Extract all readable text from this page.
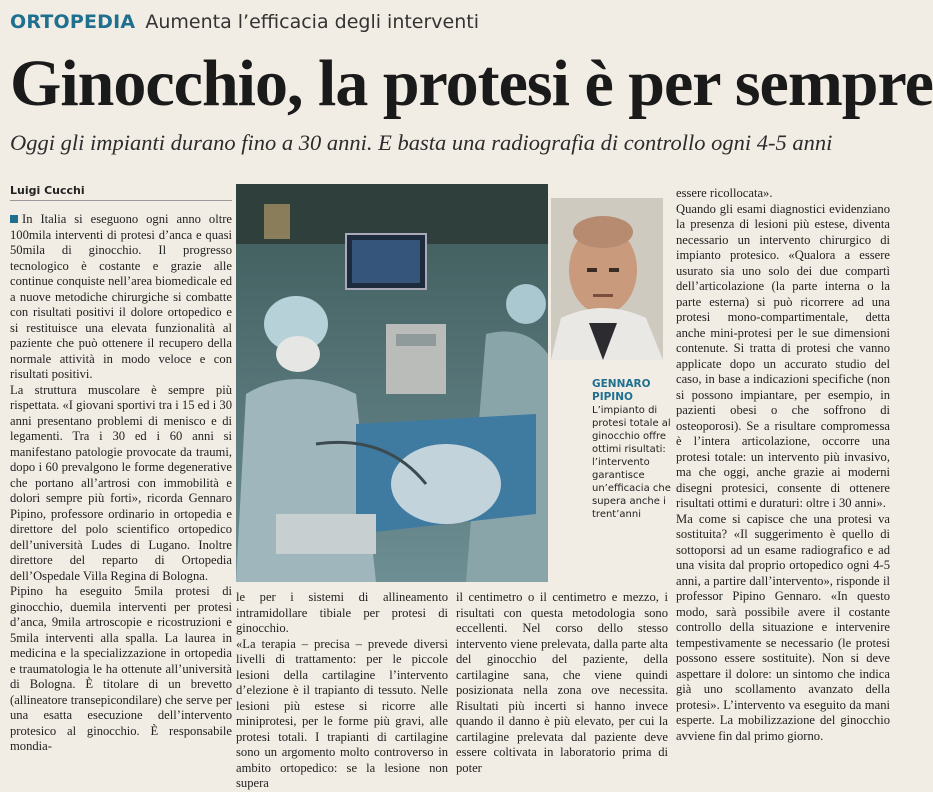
ORTOPEDIA Aumenta l’efficacia degli interventi
Ginocchio, la protesi è per sempre
Oggi gli impianti durano fino a 30 anni. E basta una radiografia di controllo ogni 4-5 anni
Luigi Cucchi

In Italia si eseguono ogni anno oltre 100mila interventi di protesi d’anca e quasi 50mila di ginocchio. Il progresso tecnologico è costante e grazie alle continue conquiste nell’area biomedicale ed a nuove metodiche chirurgiche si combatte con risultati positivi il dolore ortopedico e si restituisce una elevata funzionalità al paziente che può ottenere il recupero della normale attività in modo veloce e con risultati positivi.

La struttura muscolare è sempre più rispettata. «I giovani sportivi tra i 15 ed i 30 anni presentano problemi di menisco e di legamenti. Tra i 30 ed i 60 anni si manifestano patologie provocate da traumi, dopo i 60 prevalgono le forme degenerative che portano all’artrosi con immobilità e dolori sempre più forti», ricorda Gennaro Pipino, professore ordinario in ortopedia e direttore del polo scientifico ortopedico dell’università Ludes di Lugano. Inoltre direttore del reparto di Ortopedia dell’Ospedale Villa Regina di Bologna.

Pipino ha eseguito 5mila protesi di ginocchio, duemila interventi per protesi d’anca, 9mila artroscopie e ricostruzioni e 5mila interventi alla spalla. La laurea in medicina e la specializzazione in ortopedia e traumatologia le ha ottenute all’università di Bologna. È titolare di un brevetto (allineatore transepicondilare) che serve per una esatta esecuzione dell’intervento protesico al ginocchio. È responsabile mondia-

le per i sistemi di allineamento intramidollare tibiale per protesi di ginocchio.

«La terapia – precisa – prevede diversi livelli di trattamento: per le piccole lesioni della cartilagine l’intervento d’elezione è il trapianto di tessuto. Nelle lesioni più estese si ricorre alle miniprotesi, per le forme più gravi, alle protesi totali. I trapianti di cartilagine sono un argomento molto controverso in ambito ortopedico: se la lesione non supera

il centimetro o il centimetro e mezzo, i risultati con questa metodologia sono eccellenti. Nel corso dello stesso intervento viene prelevata, dalla parte alta del ginocchio del paziente, della cartilagine sana, che viene quindi posizionata nella zona ove necessita. Risultati più incerti si hanno invece quando il danno è più elevato, per cui la cartilagine prelevata dal paziente deve essere coltivata in laboratorio prima di poter

essere ricollocata».

Quando gli esami diagnostici evidenziano la presenza di lesioni più estese, diventa necessario un intervento chirurgico di impianto protesico. «Qualora a essere usurato sia uno solo dei due compartì dell’articolazione (la parte interna o la parte esterna) si può ricorrere ad una protesi mono-compartimentale, detta anche mini-protesi per le sue dimensioni contenute. Si tratta di protesi che vanno applicate dopo un accurato studio del caso, in base a indicazioni specifiche (non si possono impiantare, per esempio, in pazienti obesi o che soffrono di osteoporosi). Se a risultare compromessa è l’intera articolazione, occorre una protesi totale: un intervento più invasivo, ma che oggi, anche grazie ai moderni disegni protesici, consente di ottenere risultati ottimi e duraturi: oltre i 30 anni».

Ma come si capisce che una protesi va sostituita? «Il suggerimento è quello di sottoporsi ad un esame radiografico e ad una visita dal proprio ortopedico ogni 4-5 anni, a partire dall’intervento», risponde il professor Pipino Gennaro. «In questo modo, sarà possibile avere il costante controllo della situazione e intervenire tempestivamente se necessario (le protesi possono essere sostituite). Non si deve aspettare il dolore: un sintomo che indica già uno scollamento avanzato della protesi». L’intervento va eseguito da mani esperte. La mobilizzazione del ginocchio avviene fin dal primo giorno.

GENNARO
PIPINO
L’impianto di protesi totale al ginocchio offre ottimi risultati: l’intervento garantisce un’efficacia che supera anche i trent’anni
